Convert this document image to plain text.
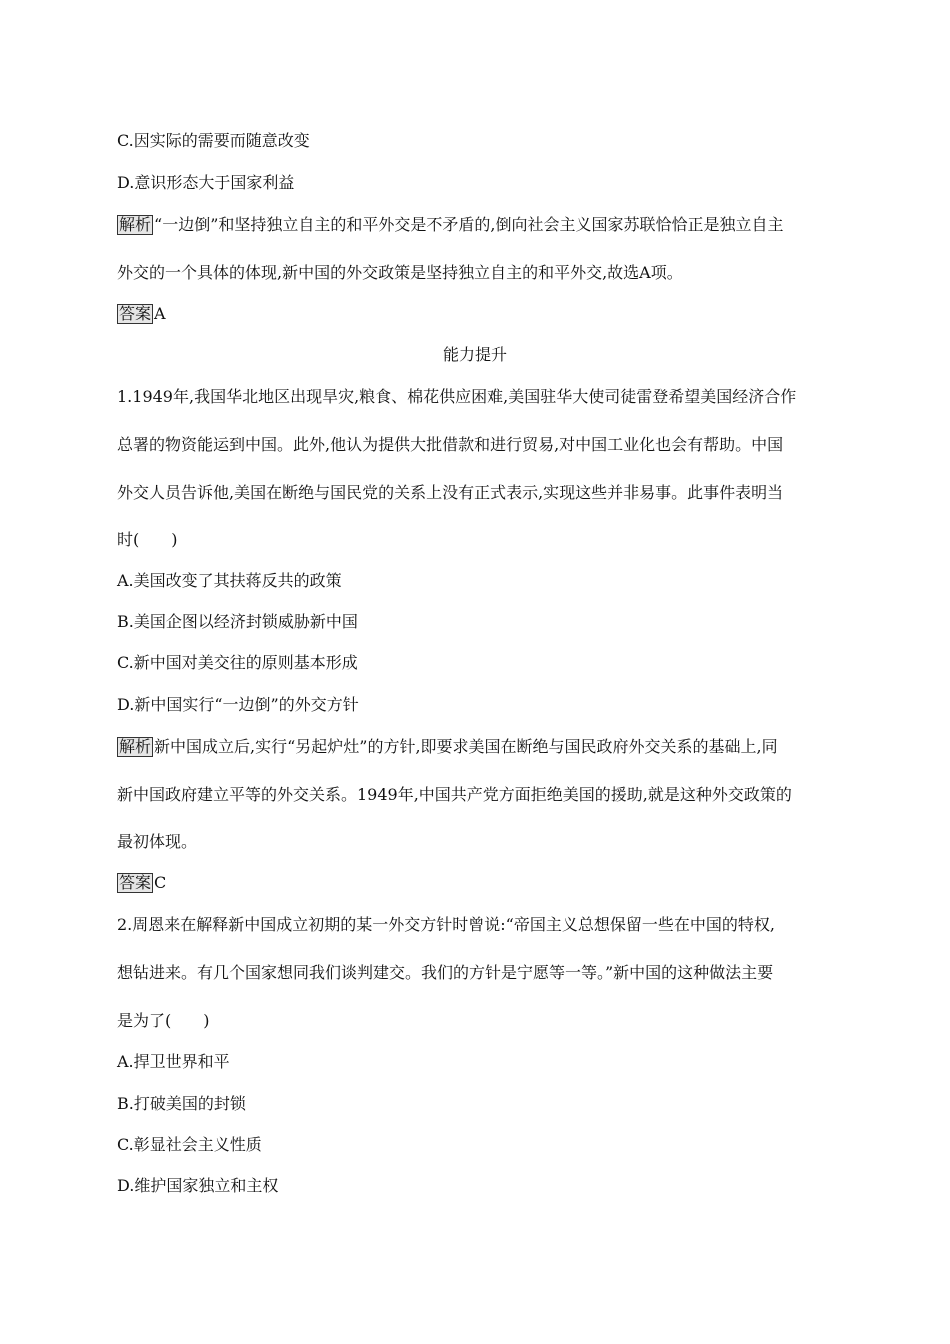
C.因实际的需要而随意改变
D.意识形态大于国家利益
解析 “一边倒”和坚持独立自主的和平外交是不矛盾的,倒向社会主义国家苏联恰恰正是独立自主
外交的一个具体的体现,新中国的外交政策是坚持独立自主的和平外交,故选A项。
答案 A
能力提升
1.1949年,我国华北地区出现旱灾,粮食、棉花供应困难,美国驻华大使司徒雷登希望美国经济合作
总署的物资能运到中国。此外,他认为提供大批借款和进行贸易,对中国工业化也会有帮助。中国
外交人员告诉他,美国在断绝与国民党的关系上没有正式表示,实现这些并非易事。此事件表明当
时(　　)
A.美国改变了其扶蒋反共的政策
B.美国企图以经济封锁威胁新中国
C.新中国对美交往的原则基本形成
D.新中国实行“一边倒”的外交方针
解析 新中国成立后,实行“另起炉灶”的方针,即要求美国在断绝与国民政府外交关系的基础上,同
新中国政府建立平等的外交关系。1949年,中国共产党方面拒绝美国的援助,就是这种外交政策的
最初体现。
答案 C
2.周恩来在解释新中国成立初期的某一外交方针时曾说:“帝国主义总想保留一些在中国的特权,
想钻进来。有几个国家想同我们谈判建交。我们的方针是宁愿等一等。”新中国的这种做法主要
是为了(　　)
A.捍卫世界和平
B.打破美国的封锁
C.彰显社会主义性质
D.维护国家独立和主权
